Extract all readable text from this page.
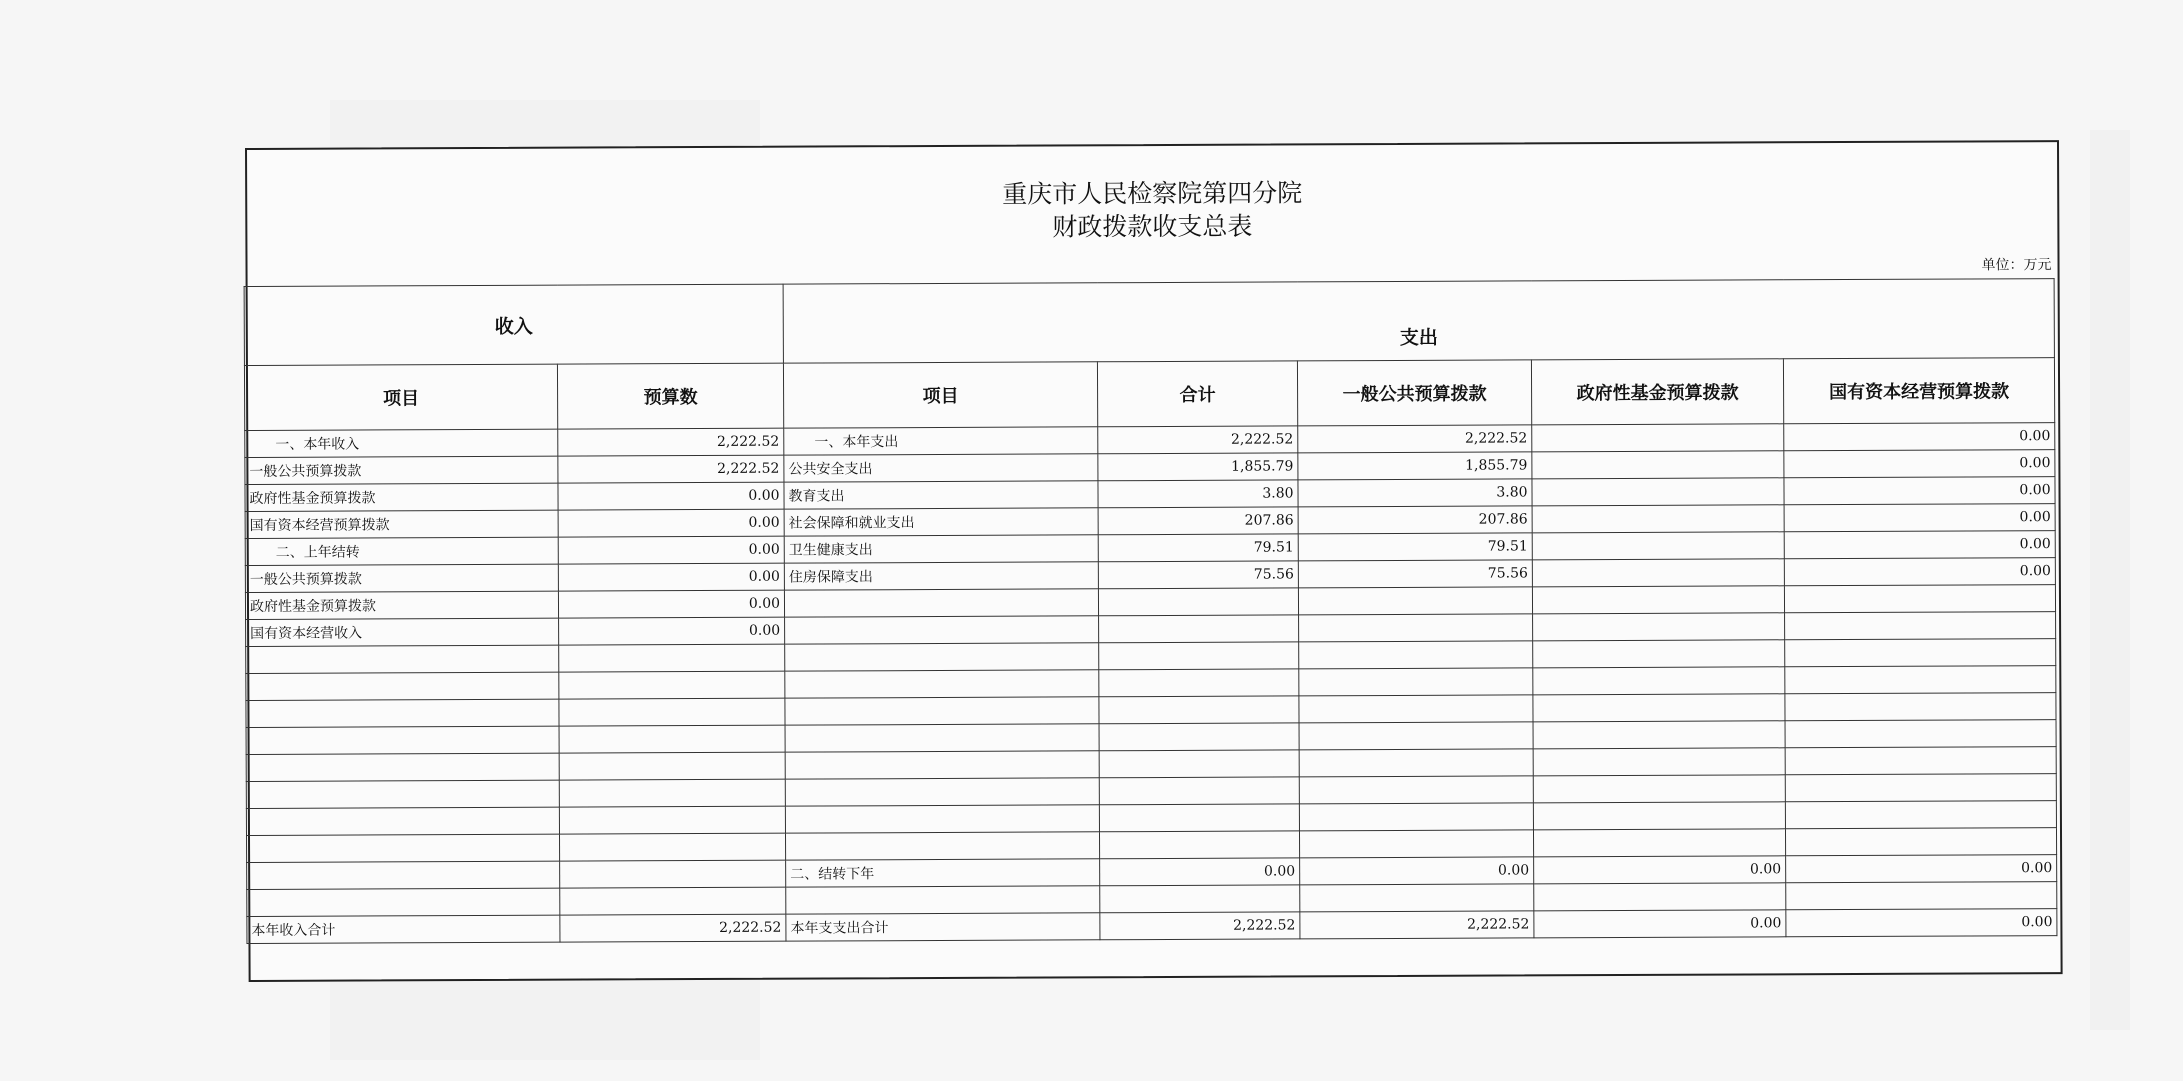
重庆市人民检察院第四分院
财政拨款收支总表
单位：万元
收入		支出				
项目	预算数	项目	合计	一般公共预算拨款	政府性基金预算拨款	国有资本经营预算拨款
一、本年收入	2,222.52	一、本年支出	2,222.52	2,222.52		0.00
一般公共预算拨款	2,222.52	公共安全支出	1,855.79	1,855.79		0.00
政府性基金预算拨款	0.00	教育支出	3.80	3.80		0.00
国有资本经营预算拨款	0.00	社会保障和就业支出	207.86	207.86		0.00
二、上年结转	0.00	卫生健康支出	79.51	79.51		0.00
一般公共预算拨款	0.00	住房保障支出	75.56	75.56		0.00
政府性基金预算拨款	0.00					
国有资本经营收入	0.00					

		二、结转下年	0.00	0.00	0.00	0.00

本年收入合计	2,222.52	本年支支出合计	2,222.52	2,222.52	0.00	0.00
